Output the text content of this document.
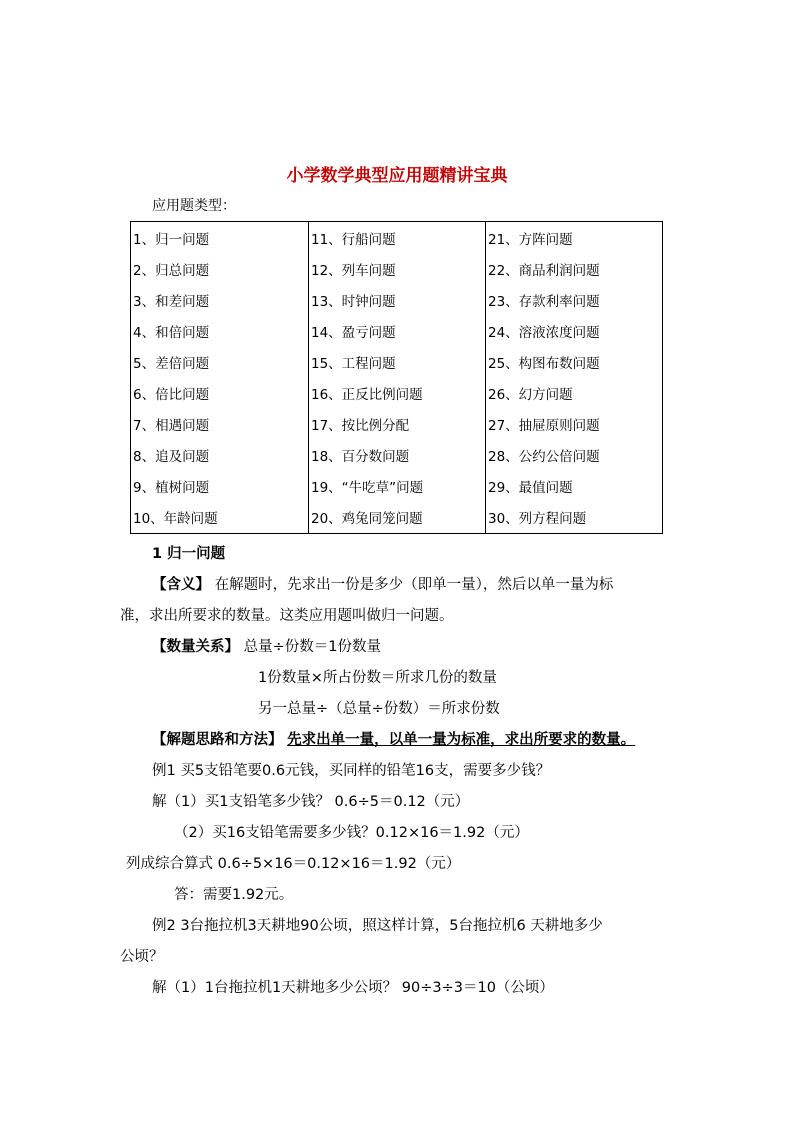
小学数学典型应用题精讲宝典
应用题类型：
1、归一问题	11、行船问题	21、方阵问题
2、归总问题	12、列车问题	22、商品利润问题
3、和差问题	13、时钟问题	23、存款利率问题
4、和倍问题	14、盈亏问题	24、溶液浓度问题
5、差倍问题	15、工程问题	25、构图布数问题
6、倍比问题	16、正反比例问题	26、幻方问题
7、相遇问题	17、按比例分配	27、抽屉原则问题
8、追及问题	18、百分数问题	28、公约公倍问题
9、植树问题	19、“牛吃草”问题	29、最值问题
10、年龄问题	20、鸡兔同笼问题	30、列方程问题
1 归一问题
【含义】 在解题时，先求出一份是多少（即单一量），然后以单一量为标
准，求出所要求的数量。这类应用题叫做归一问题。
【数量关系】 总量÷份数＝1份数量
1份数量×所占份数＝所求几份的数量
另一总量÷（总量÷份数）＝所求份数
【解题思路和方法】 先求出单一量，以单一量为标准，求出所要求的数量。
例1 买5支铅笔要0.6元钱，买同样的铅笔16支，需要多少钱？
解（1）买1支铅笔多少钱？ 0.6÷5＝0.12（元）
（2）买16支铅笔需要多少钱？0.12×16＝1.92（元）
列成综合算式 0.6÷5×16＝0.12×16＝1.92（元）
答：需要1.92元。
例2 3台拖拉机3天耕地90公顷，照这样计算，5台拖拉机6 天耕地多少
公顷？
解（1）1台拖拉机1天耕地多少公顷？ 90÷3÷3＝10（公顷）
